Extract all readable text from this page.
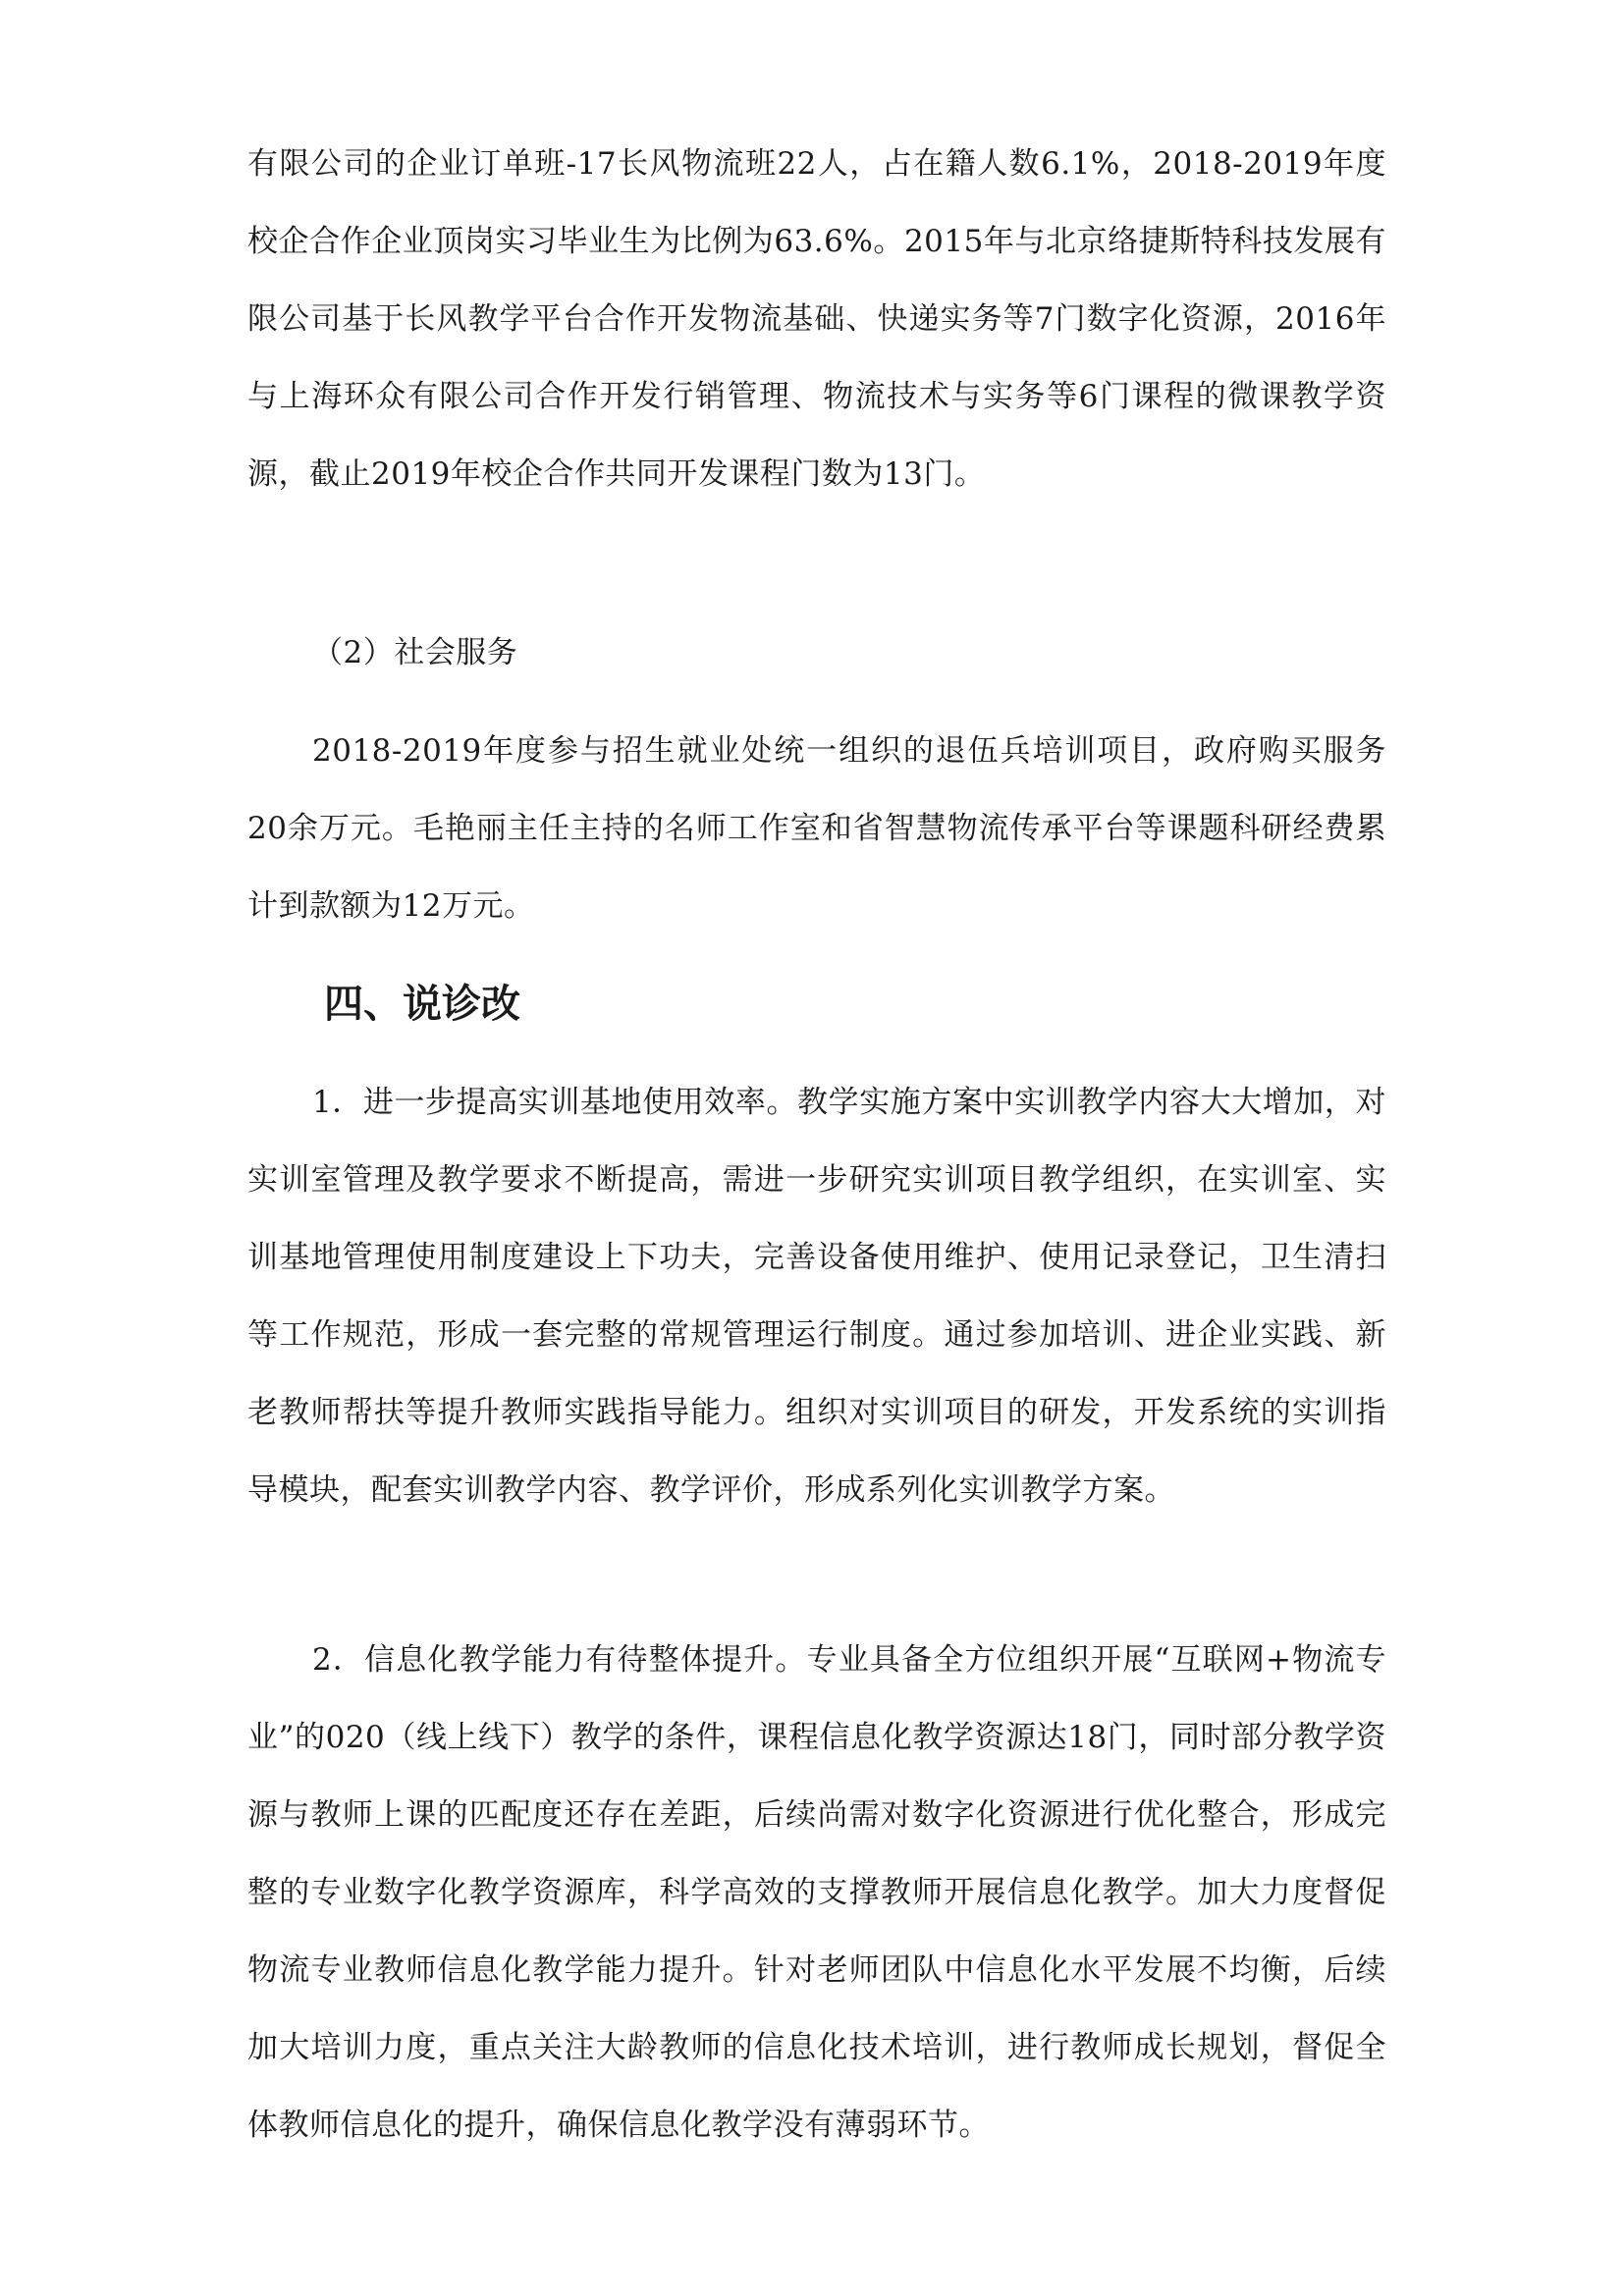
有限公司的企业订单班-17长风物流班22人，占在籍人数6.1%，2018-2019年度校企合作企业顶岗实习毕业生为比例为63.6%。2015年与北京络捷斯特科技发展有限公司基于长风教学平台合作开发物流基础、快递实务等7门数字化资源，2016年与上海环众有限公司合作开发行销管理、物流技术与实务等6门课程的微课教学资源，截止2019年校企合作共同开发课程门数为13门。

（2）社会服务

2018-2019年度参与招生就业处统一组织的退伍兵培训项目，政府购买服务20余万元。毛艳丽主任主持的名师工作室和省智慧物流传承平台等课题科研经费累计到款额为12万元。

四、说诊改

1．进一步提高实训基地使用效率。教学实施方案中实训教学内容大大增加，对实训室管理及教学要求不断提高，需进一步研究实训项目教学组织，在实训室、实训基地管理使用制度建设上下功夫，完善设备使用维护、使用记录登记，卫生清扫等工作规范，形成一套完整的常规管理运行制度。通过参加培训、进企业实践、新老教师帮扶等提升教师实践指导能力。组织对实训项目的研发，开发系统的实训指导模块，配套实训教学内容、教学评价，形成系列化实训教学方案。

2．信息化教学能力有待整体提升。专业具备全方位组织开展“互联网+物流专业”的020（线上线下）教学的条件，课程信息化教学资源达18门，同时部分教学资源与教师上课的匹配度还存在差距，后续尚需对数字化资源进行优化整合，形成完整的专业数字化教学资源库，科学高效的支撑教师开展信息化教学。加大力度督促物流专业教师信息化教学能力提升。针对老师团队中信息化水平发展不均衡，后续加大培训力度，重点关注大龄教师的信息化技术培训，进行教师成长规划，督促全体教师信息化的提升，确保信息化教学没有薄弱环节。
